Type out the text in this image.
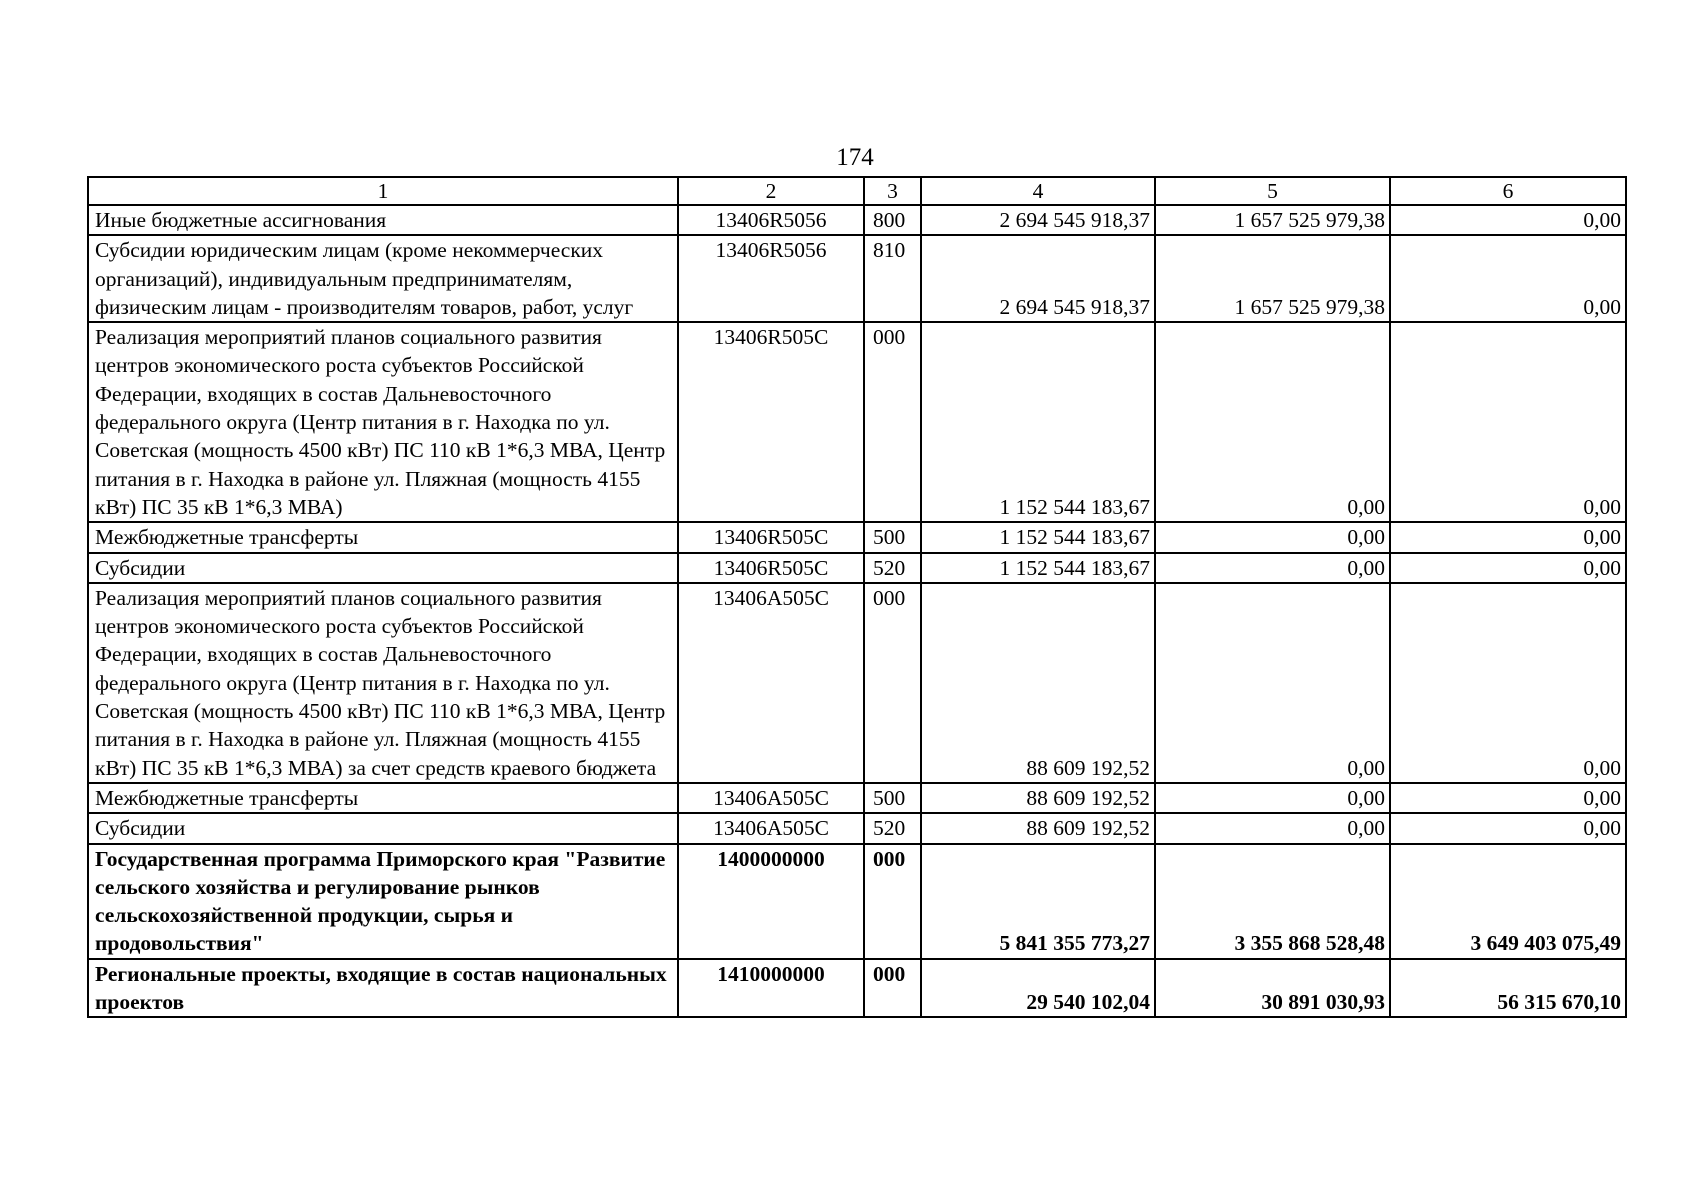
174
1	2	3	4	5	6
Иные бюджетные ассигнования	13406R5056	800	2 694 545 918,37	1 657 525 979,38	0,00
Субсидии юридическим лицам (кроме некоммерческих организаций), индивидуальным предпринимателям, физическим лицам - производителям товаров, работ, услуг	13406R5056	810	2 694 545 918,37	1 657 525 979,38	0,00
Реализация мероприятий планов социального развития центров экономического роста субъектов Российской Федерации, входящих в состав Дальневосточного федерального округа (Центр питания в г. Находка по ул. Советская (мощность 4500 кВт) ПС 110 кВ 1*6,3 МВА, Центр питания в г. Находка в районе ул. Пляжная (мощность 4155 кВт) ПС 35 кВ 1*6,3 МВА)	13406R505C	000	1 152 544 183,67	0,00	0,00
Межбюджетные трансферты	13406R505C	500	1 152 544 183,67	0,00	0,00
Субсидии	13406R505C	520	1 152 544 183,67	0,00	0,00
Реализация мероприятий планов социального развития центров экономического роста субъектов Российской Федерации, входящих в состав Дальневосточного федерального округа (Центр питания в г. Находка по ул. Советская (мощность 4500 кВт) ПС 110 кВ 1*6,3 МВА, Центр питания в г. Находка в районе ул. Пляжная (мощность 4155 кВт) ПС 35 кВ 1*6,3 МВА) за счет средств краевого бюджета	13406А505С	000	88 609 192,52	0,00	0,00
Межбюджетные трансферты	13406А505С	500	88 609 192,52	0,00	0,00
Субсидии	13406А505С	520	88 609 192,52	0,00	0,00
Государственная программа Приморского края "Развитие сельского хозяйства и регулирование рынков сельскохозяйственной продукции, сырья и продовольствия"	1400000000	000	5 841 355 773,27	3 355 868 528,48	3 649 403 075,49
Региональные проекты, входящие в состав национальных проектов	1410000000	000	29 540 102,04	30 891 030,93	56 315 670,10
